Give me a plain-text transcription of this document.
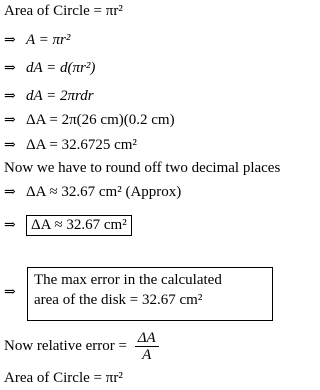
Area of Circle = πr²
⇒ A = πr²
⇒ dA = d(πr²)
⇒ dA = 2πrdr
⇒ ΔA = 2π(26 cm)(0.2 cm)
⇒ ΔA = 32.6725 cm²
Now we have to round off two decimal places
⇒ ΔA ≈ 32.67 cm² (Approx)
⇒ ΔA ≈ 32.67 cm²
⇒
The max error in the calculated
area of the disk = 32.67 cm²
Now relative error = $\frac{\Delta A}{A}$
Area of Circle = πr²
